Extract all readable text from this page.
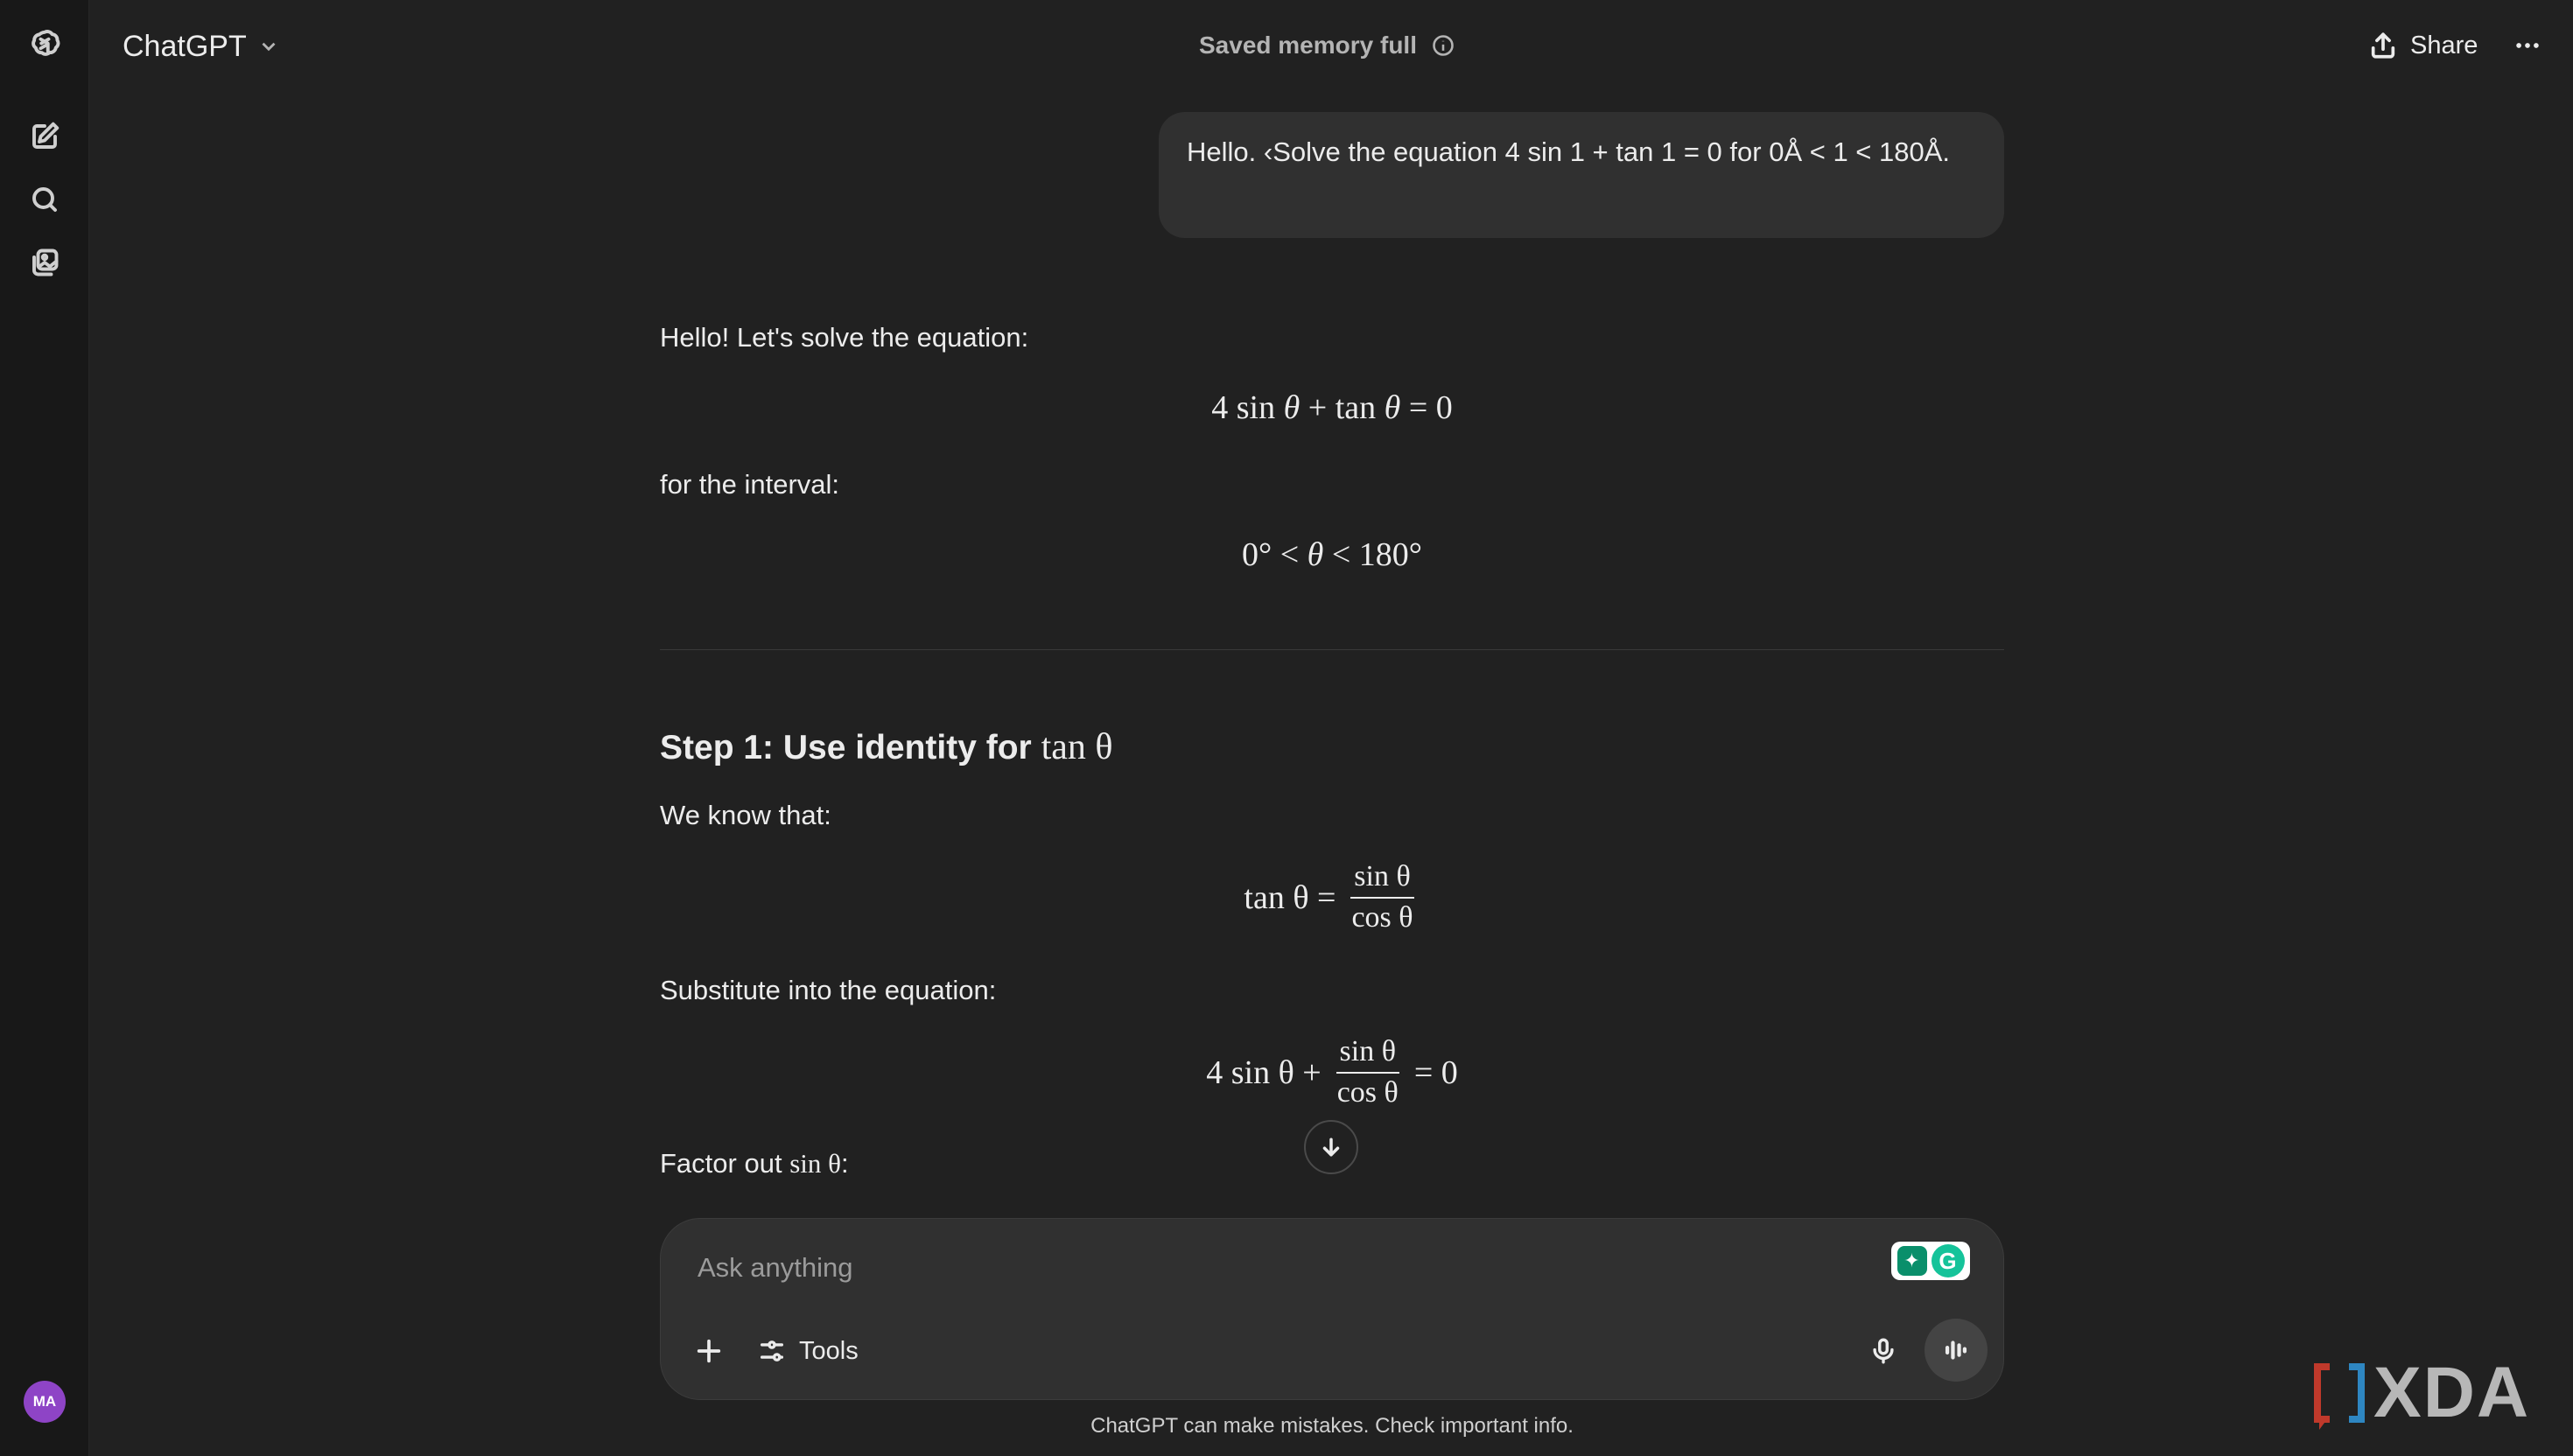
MA
ChatGPT	Saved memory full	Share
Hello. ‹Solve the equation 4 sin 1 + tan 1 = 0 for 0Å < 1 < 180Å.

Hello! Let's solve the equation:

4 sin θ + tan θ = 0

for the interval:

0° < θ < 180°
Step 1: Use identity for tan θ

We know that:

$\tan \theta = \frac{\text{sin θ}}{\text{cos θ}}$

Substitute into the equation:

4 $\sin \theta + \frac{\text{sin θ}}{\text{cos θ}} = 0$

Factor out sin θ:

Ask anything
✦ G
Tools
ChatGPT can make mistakes. Check important info.	XDA
